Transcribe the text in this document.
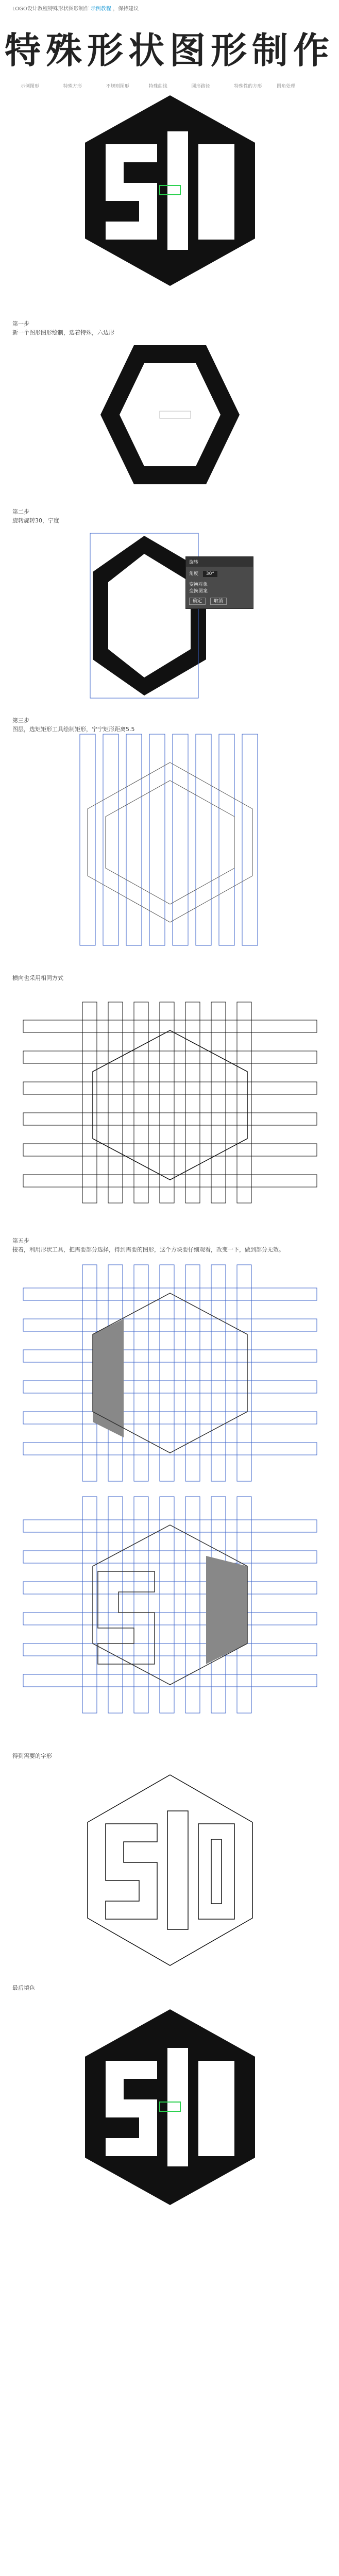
LOGO设计教程特殊形状图形制作 示例教程 ，保持建议
特殊形状图形制作
示例图形	特殊方形	不规则图形	特殊曲线	圆形路径	特殊性的方形	圆角处理
第一步
新一个图形图形绘制，选着特殊，六边形
第二步
旋转旋转30，宁度
旋转
角度 30°
变换对象
变换图案
确定	取消
第三步
图层，选矩矩形工具绘制矩形，宁宁矩形距离5.5
横向也采用相同方式
第五步
接着，利用形状工具，把需要部分选择，得到需要的图形，这个方块要仔细观看，改变一下，做到部分无效。
得到需要的字形
最后填色
